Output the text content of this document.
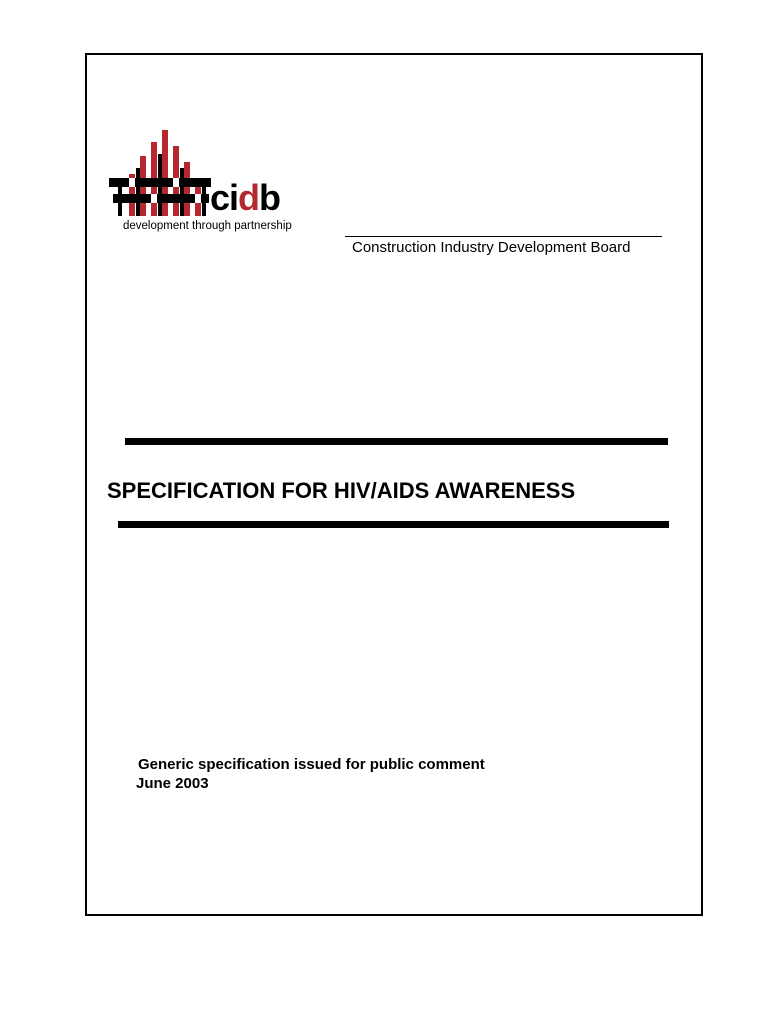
cidb
development through partnership
Construction Industry Development Board
SPECIFICATION FOR HIV/AIDS AWARENESS
Generic specification issued for public comment
June 2003
